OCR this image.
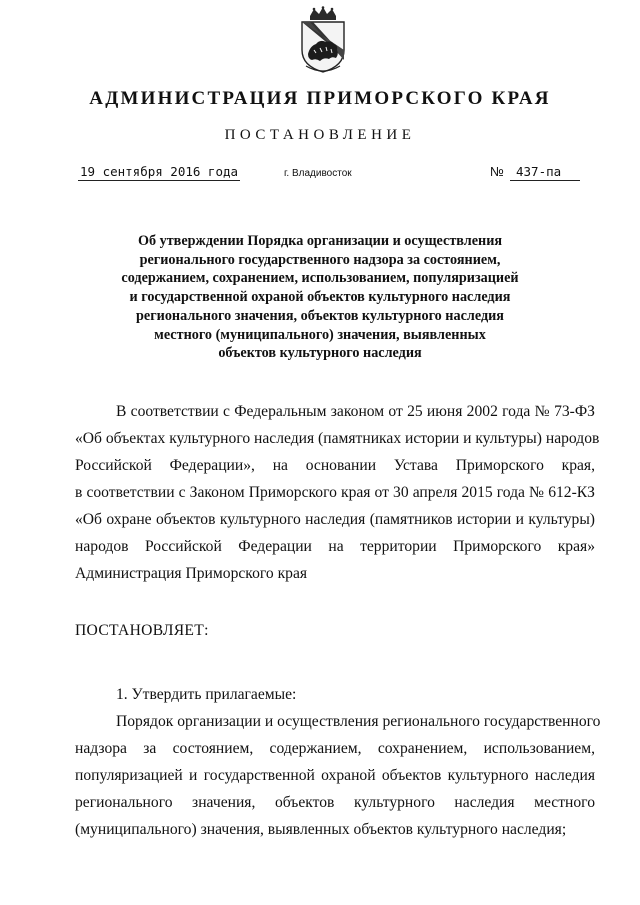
АДМИНИСТРАЦИЯ ПРИМОРСКОГО КРАЯ
ПОСТАНОВЛЕНИЕ
19 сентября 2016 года	г. Владивосток	№ 437-па
Об утверждении Порядка организации и осуществления
регионального государственного надзора за состоянием,
содержанием, сохранением, использованием, популяризацией
и государственной охраной объектов культурного наследия
регионального значения, объектов культурного наследия
местного (муниципального) значения, выявленных
объектов культурного наследия
В соответствии с Федеральным законом от 25 июня 2002 года № 73-ФЗ
«Об объектах культурного наследия (памятниках истории и культуры) народов
Российской Федерации», на основании Устава Приморского края,
в соответствии с Законом Приморского края от 30 апреля 2015 года № 612-КЗ
«Об охране объектов культурного наследия (памятников истории и культуры)
народов Российской Федерации на территории Приморского края»
Администрация Приморского края
ПОСТАНОВЛЯЕТ:
1. Утвердить прилагаемые:
Порядок организации и осуществления регионального государственного
надзора за состоянием, содержанием, сохранением, использованием,
популяризацией и государственной охраной объектов культурного наследия
регионального значения, объектов культурного наследия местного
(муниципального) значения, выявленных объектов культурного наследия;
